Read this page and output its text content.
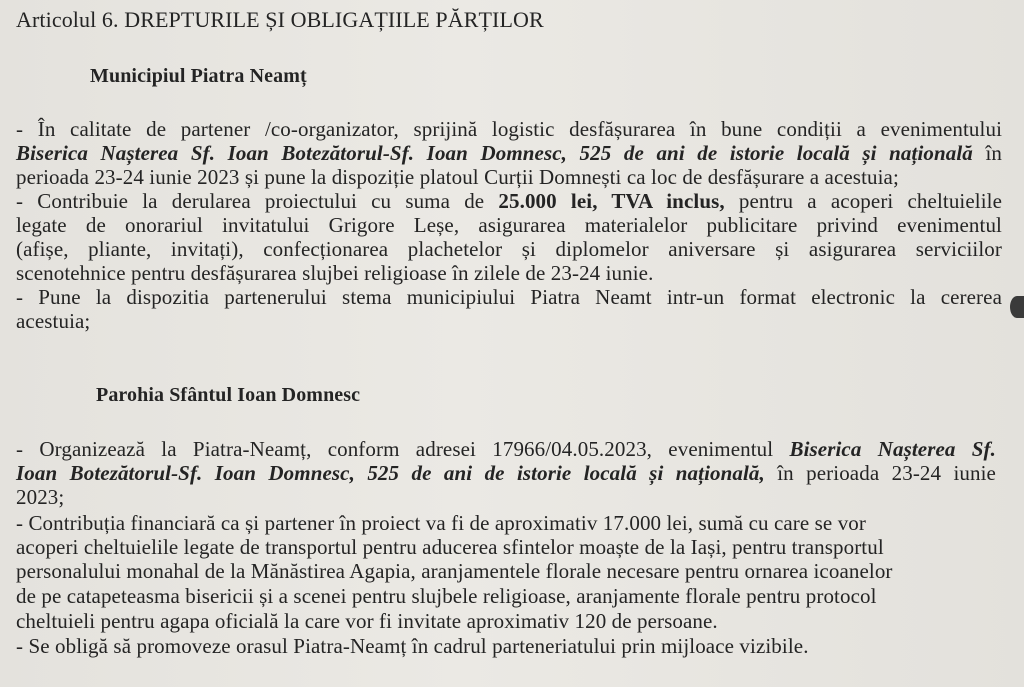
Articolul 6. DREPTURILE ȘI OBLIGAȚIILE PĂRȚILOR
Municipiul Piatra Neamț
- În calitate de partener /co-organizator, sprijină logistic desfășurarea în bune condiții a evenimentului
Biserica Nașterea Sf. Ioan Botezătorul-Sf. Ioan Domnesc, 525 de ani de istorie locală și națională în
perioada 23-24 iunie 2023 și pune la dispoziție platoul Curții Domnești ca loc de desfășurare a acestuia;
- Contribuie la derularea proiectului cu suma de 25.000 lei, TVA inclus, pentru a acoperi cheltuielile
legate de onorariul invitatului Grigore Leșe, asigurarea materialelor publicitare privind evenimentul
(afișe, pliante, invitați), confecționarea plachetelor și diplomelor aniversare și asigurarea serviciilor
scenotehnice pentru desfășurarea slujbei religioase în zilele de 23-24 iunie.
- Pune la dispozitia partenerului stema municipiului Piatra Neamt intr-un format electronic la cererea
acestuia;
Parohia Sfântul Ioan Domnesc
- Organizează la Piatra-Neamț, conform adresei 17966/04.05.2023, evenimentul Biserica Nașterea Sf.
Ioan Botezătorul-Sf. Ioan Domnesc, 525 de ani de istorie locală și națională, în perioada 23-24 iunie
2023;
- Contribuția financiară ca și partener în proiect va fi de aproximativ 17.000 lei, sumă cu care se vor
acoperi cheltuielile legate de transportul pentru aducerea sfintelor moaște de la Iași, pentru transportul
personalului monahal de la Mănăstirea Agapia, aranjamentele florale necesare pentru ornarea icoanelor
de pe catapeteasma bisericii și a scenei pentru slujbele religioase, aranjamente florale pentru protocol
cheltuieli pentru agapa oficială la care vor fi invitate aproximativ 120 de persoane.
- Se obligă să promoveze orasul Piatra-Neamț în cadrul parteneriatului prin mijloace vizibile.
